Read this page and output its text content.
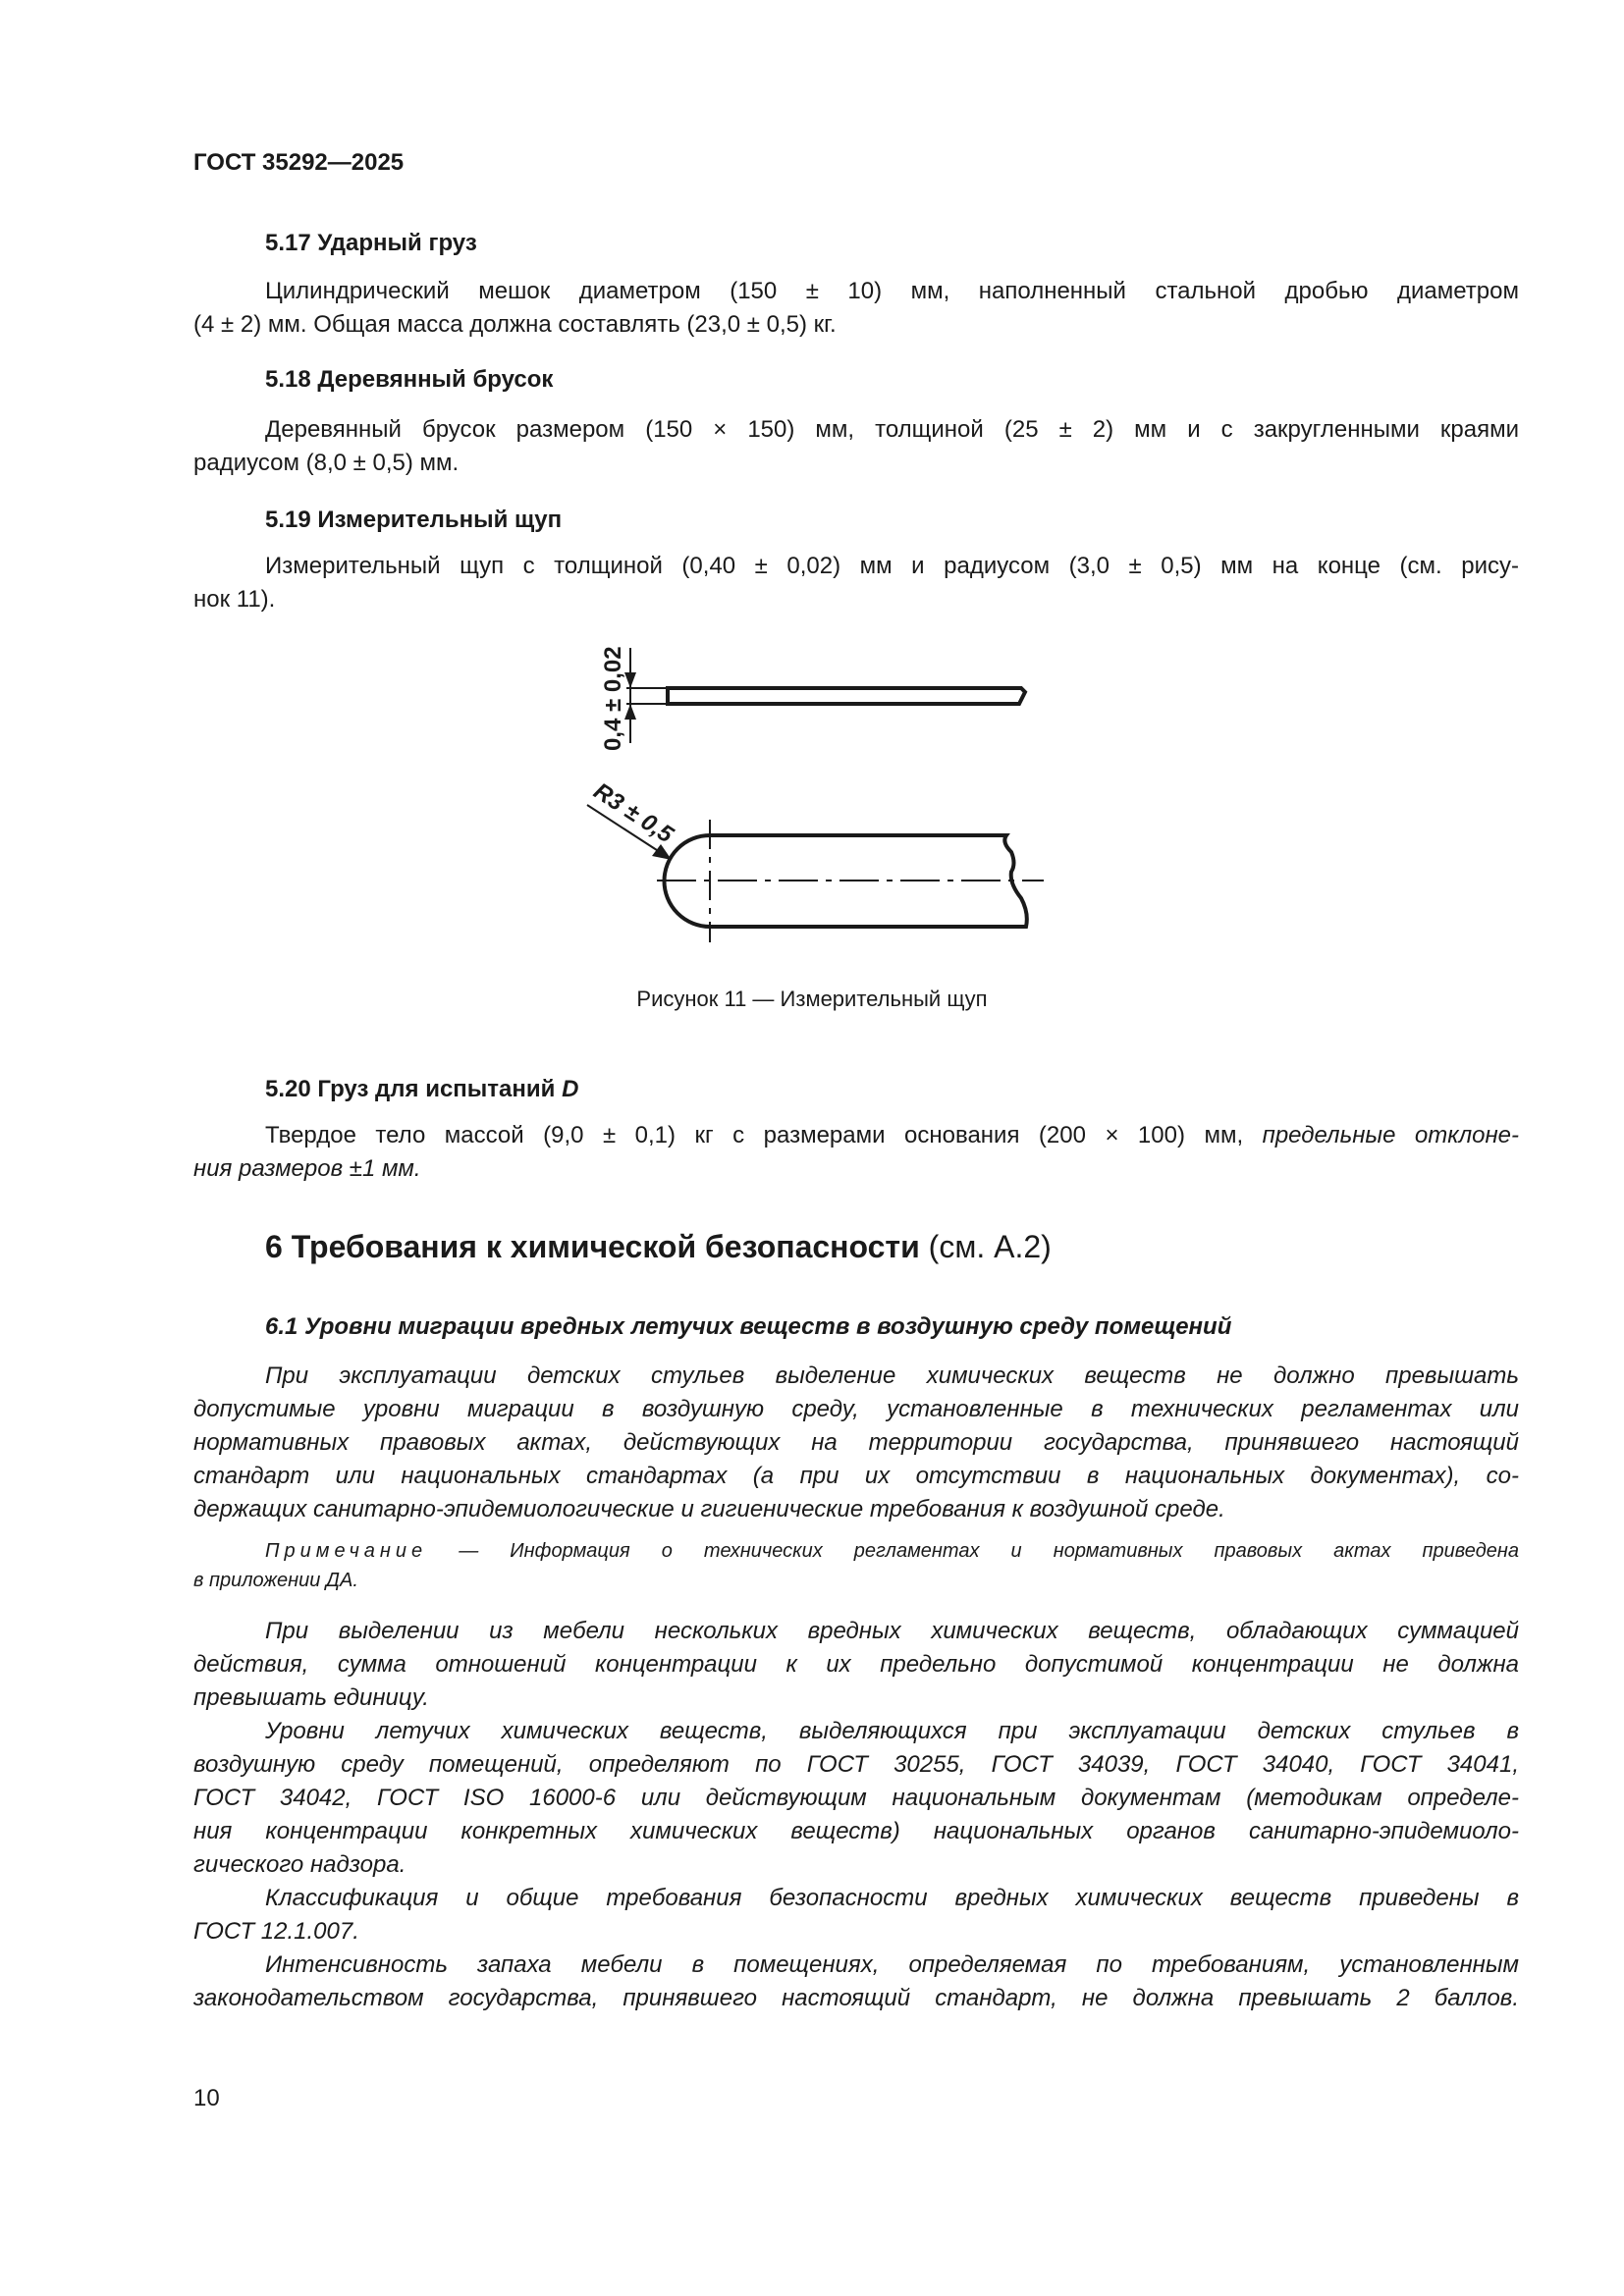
ГОСТ 35292—2025
5.17 Ударный груз
Цилиндрический мешок диаметром (150 ± 10) мм, наполненный стальной дробью диаметром
(4 ± 2) мм. Общая масса должна составлять (23,0 ± 0,5) кг.
5.18 Деревянный брусок
Деревянный брусок размером (150 × 150) мм, толщиной (25 ± 2) мм и с закругленными краями
радиусом (8,0 ± 0,5) мм.
5.19 Измерительный щуп
Измерительный щуп с толщиной (0,40 ± 0,02) мм и радиусом (3,0 ± 0,5) мм на конце (см. рису-
нок 11).
0,4 ± 0,02
R3 ± 0,5
Рисунок 11 — Измерительный щуп
5.20 Груз для испытаний D
Твердое тело массой (9,0 ± 0,1) кг с размерами основания (200 × 100) мм, предельные отклоне-
ния размеров ±1 мм.
6 Требования к химической безопасности (см. А.2)
6.1 Уровни миграции вредных летучих веществ в воздушную среду помещений
При эксплуатации детских стульев выделение химических веществ не должно превышать
допустимые уровни миграции в воздушную среду, установленные в технических регламентах или
нормативных правовых актах, действующих на территории государства, принявшего настоящий
стандарт или национальных стандартах (а при их отсутствии в национальных документах), со-
держащих санитарно-эпидемиологические и гигиенические требования к воздушной среде.
Примечание — Информация о технических регламентах и нормативных правовых актах приведена
в приложении ДА.
При выделении из мебели нескольких вредных химических веществ, обладающих суммацией
действия, сумма отношений концентрации к их предельно допустимой концентрации не должна
превышать единицу.
Уровни летучих химических веществ, выделяющихся при эксплуатации детских стульев в
воздушную среду помещений, определяют по ГОСТ 30255, ГОСТ 34039, ГОСТ 34040, ГОСТ 34041,
ГОСТ 34042, ГОСТ ISO 16000-6 или действующим национальным документам (методикам определе-
ния концентрации конкретных химических веществ) национальных органов санитарно-эпидемиоло-
гического надзора.
Классификация и общие требования безопасности вредных химических веществ приведены в
ГОСТ 12.1.007.
Интенсивность запаха мебели в помещениях, определяемая по требованиям, установленным
законодательством государства, принявшего настоящий стандарт, не должна превышать 2 баллов.
10
